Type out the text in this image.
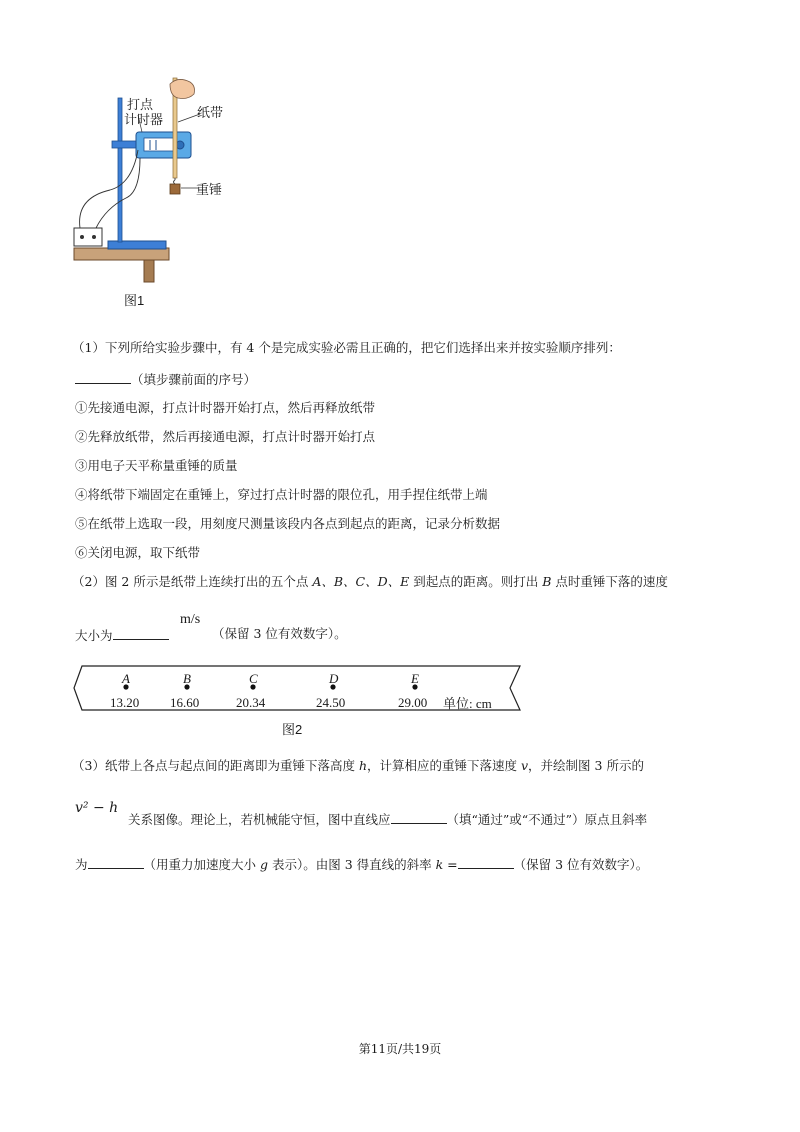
打点
计时器	纸带
重锤
图1
（1）下列所给实验步骤中，有 4 个是完成实验必需且正确的，把它们选择出来并按实验顺序排列：
（填步骤前面的序号）
①先接通电源，打点计时器开始打点，然后再释放纸带
②先释放纸带，然后再接通电源，打点计时器开始打点
③用电子天平称量重锤的质量
④将纸带下端固定在重锤上，穿过打点计时器的限位孔，用手捏住纸带上端
⑤在纸带上选取一段，用刻度尺测量该段内各点到起点的距离，记录分析数据
⑥关闭电源，取下纸带
（2）图 2 所示是纸带上连续打出的五个点 A、B、C、D、E 到起点的距离。则打出 B 点时重锤下落的速度
大小为
m/s
（保留 3 位有效数字）。
A	B	C	D	E
13.20 16.60	20.34	24.50	29.00 单位: cm
图2
（3）纸带上各点与起点间的距离即为重锤下落高度 h，计算相应的重锤下落速度 v，并绘制图 3 所示的
v² − h
关系图像。理论上，若机械能守恒，图中直线应	（填“通过”或“不通过”）原点且斜率
为	（用重力加速度大小 g 表示）。由图 3 得直线的斜率 k =	（保留 3 位有效数字）。
第11页/共19页
